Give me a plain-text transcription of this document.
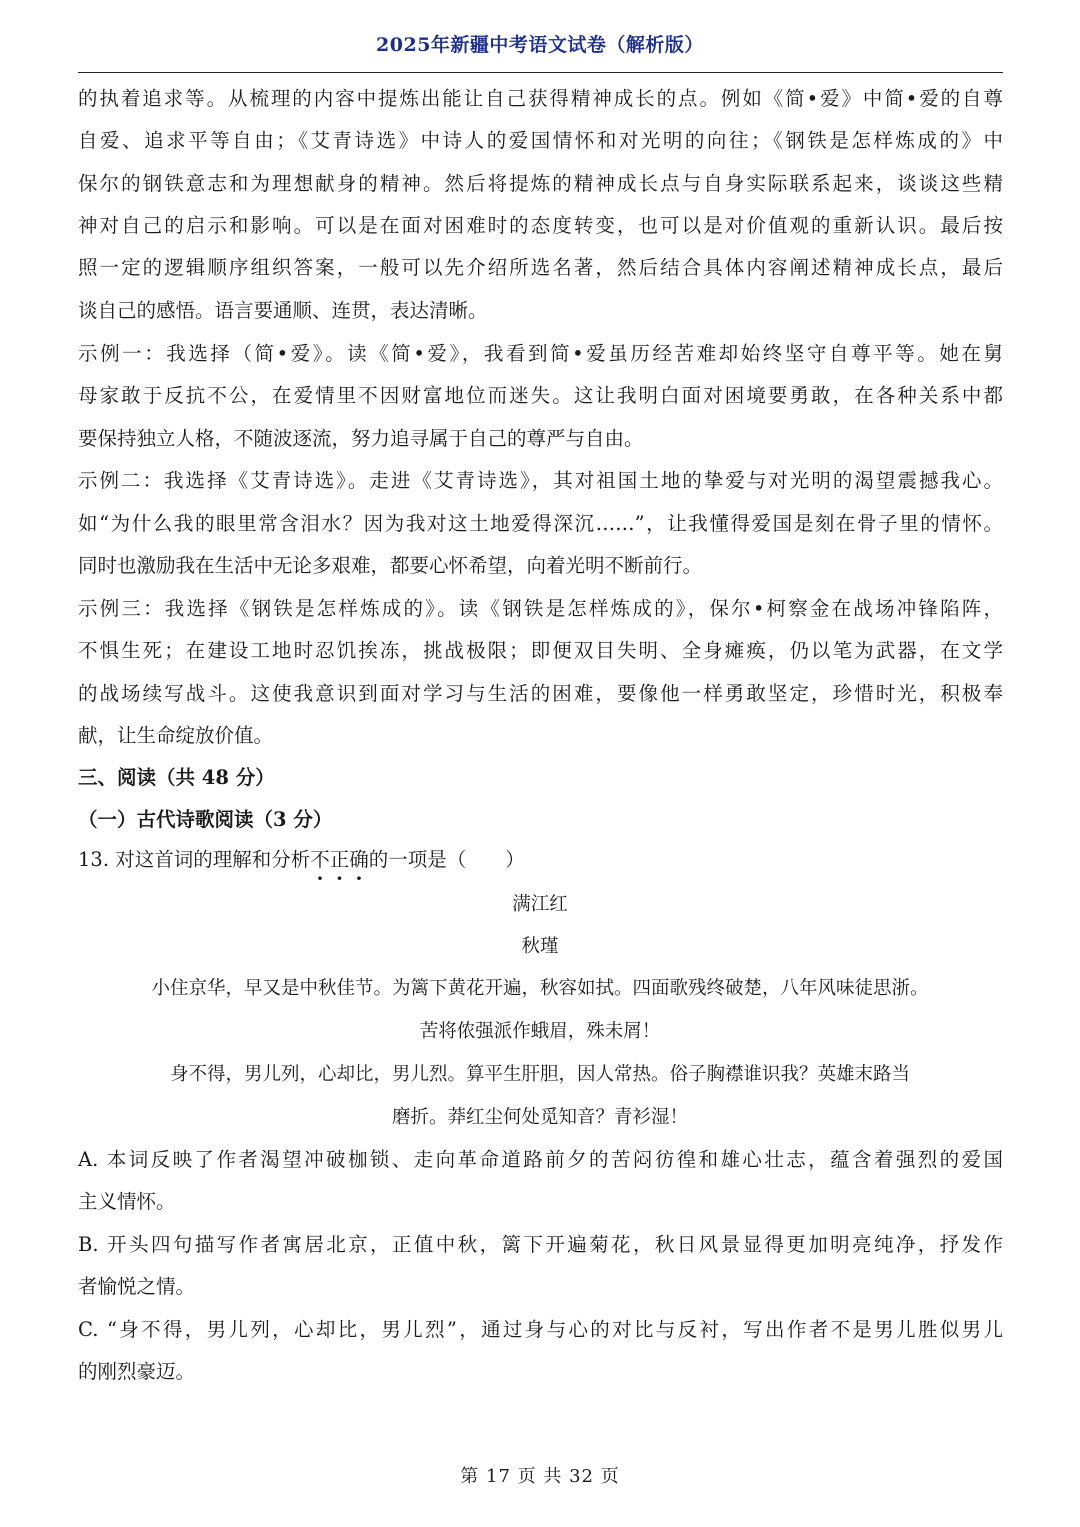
2025年新疆中考语文试卷（解析版）
的执着追求等。从梳理的内容中提炼出能让自己获得精神成长的点。例如《简•爱》中简•爱的自尊
自爱、追求平等自由；《艾青诗选》中诗人的爱国情怀和对光明的向往；《钢铁是怎样炼成的》中
保尔的钢铁意志和为理想献身的精神。然后将提炼的精神成长点与自身实际联系起来，谈谈这些精
神对自己的启示和影响。可以是在面对困难时的态度转变，也可以是对价值观的重新认识。最后按
照一定的逻辑顺序组织答案，一般可以先介绍所选名著，然后结合具体内容阐述精神成长点，最后
谈自己的感悟。语言要通顺、连贯，表达清晰。
示例一：我选择（简•爱》。读《简•爱》，我看到简•爱虽历经苦难却始终坚守自尊平等。她在舅
母家敢于反抗不公，在爱情里不因财富地位而迷失。这让我明白面对困境要勇敢，在各种关系中都
要保持独立人格，不随波逐流，努力追寻属于自己的尊严与自由。
示例二：我选择《艾青诗选》。走进《艾青诗选》，其对祖国土地的挚爱与对光明的渴望震撼我心。
如“为什么我的眼里常含泪水？因为我对这土地爱得深沉……”，让我懂得爱国是刻在骨子里的情怀。
同时也激励我在生活中无论多艰难，都要心怀希望，向着光明不断前行。
示例三：我选择《钢铁是怎样炼成的》。读《钢铁是怎样炼成的》，保尔•柯察金在战场冲锋陷阵，
不惧生死；在建设工地时忍饥挨冻，挑战极限；即便双目失明、全身瘫痪，仍以笔为武器，在文学
的战场续写战斗。这使我意识到面对学习与生活的困难，要像他一样勇敢坚定，珍惜时光，积极奉
献，让生命绽放价值。
三、阅读（共 48 分）
（一）古代诗歌阅读（3 分）
13. 对这首词的理解和分析不正确的一项是（　　）
满江红
秋瑾
小住京华，早又是中秋佳节。为篱下黄花开遍，秋容如拭。四面歌残终破楚，八年风味徒思浙。
苦将侬强派作蛾眉，殊未屑！
身不得，男儿列，心却比，男儿烈。算平生肝胆，因人常热。俗子胸襟谁识我？英雄末路当
磨折。莽红尘何处觅知音？青衫湿！
A. 本词反映了作者渴望冲破枷锁、走向革命道路前夕的苦闷彷徨和雄心壮志，蕴含着强烈的爱国
主义情怀。
B. 开头四句描写作者寓居北京，正值中秋，篱下开遍菊花，秋日风景显得更加明亮纯净，抒发作
者愉悦之情。
C. “身不得，男儿列，心却比，男儿烈”，通过身与心的对比与反衬，写出作者不是男儿胜似男儿
的刚烈豪迈。
第 17 页 共 32 页
